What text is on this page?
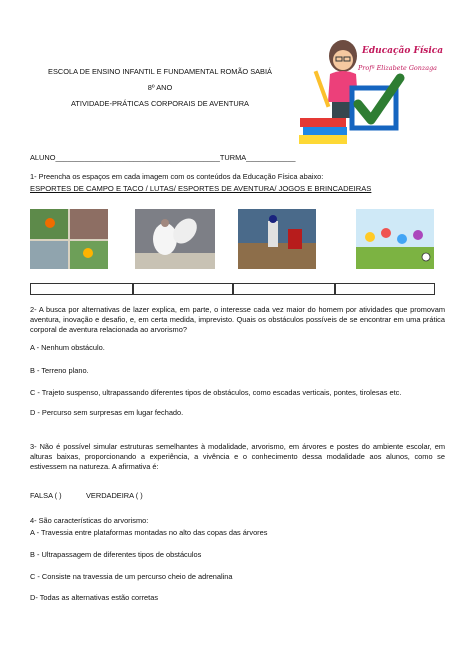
ESCOLA DE ENSINO INFANTIL E FUNDAMENTAL ROMÃO SABIÁ
8º ANO
ATIVIDADE-PRÁTICAS CORPORAIS DE AVENTURA
Educação Física
Profª Elizabete Gonzaga
ALUNO________________________________________TURMA____________
1- Preencha os espaços em cada imagem com os conteúdos da Educação Física abaixo:
ESPORTES DE CAMPO E TACO / LUTAS/ ESPORTES DE AVENTURA/ JOGOS E BRINCADEIRAS
2- A busca por alternativas de lazer explica, em parte, o interesse cada vez maior do homem por atividades que promovam aventura, inovação e desafio, e, em certa medida, imprevisto. Quais os obstáculos possíveis de se encontrar em uma prática corporal de aventura relacionada ao arvorismo?
A - Nenhum obstáculo.
B - Terreno plano.
C - Trajeto suspenso, ultrapassando diferentes tipos de obstáculos, como escadas verticais, pontes, tirolesas etc.
D - Percurso sem surpresas em lugar fechado.
3- Não é possível simular estruturas semelhantes à modalidade, arvorismo, em árvores e postes do ambiente escolar, em alturas baixas, proporcionando a experiência, a vivência e o conhecimento dessa modalidade aos alunos, como se estivessem na natureza. A afirmativa é:
FALSA ( )	VERDADEIRA ( )
4- São características do arvorismo:
A - Travessia entre plataformas montadas no alto das copas das árvores
B - Ultrapassagem de diferentes tipos de obstáculos
C - Consiste na travessia de um percurso cheio de adrenalina
D- Todas as alternativas estão corretas
